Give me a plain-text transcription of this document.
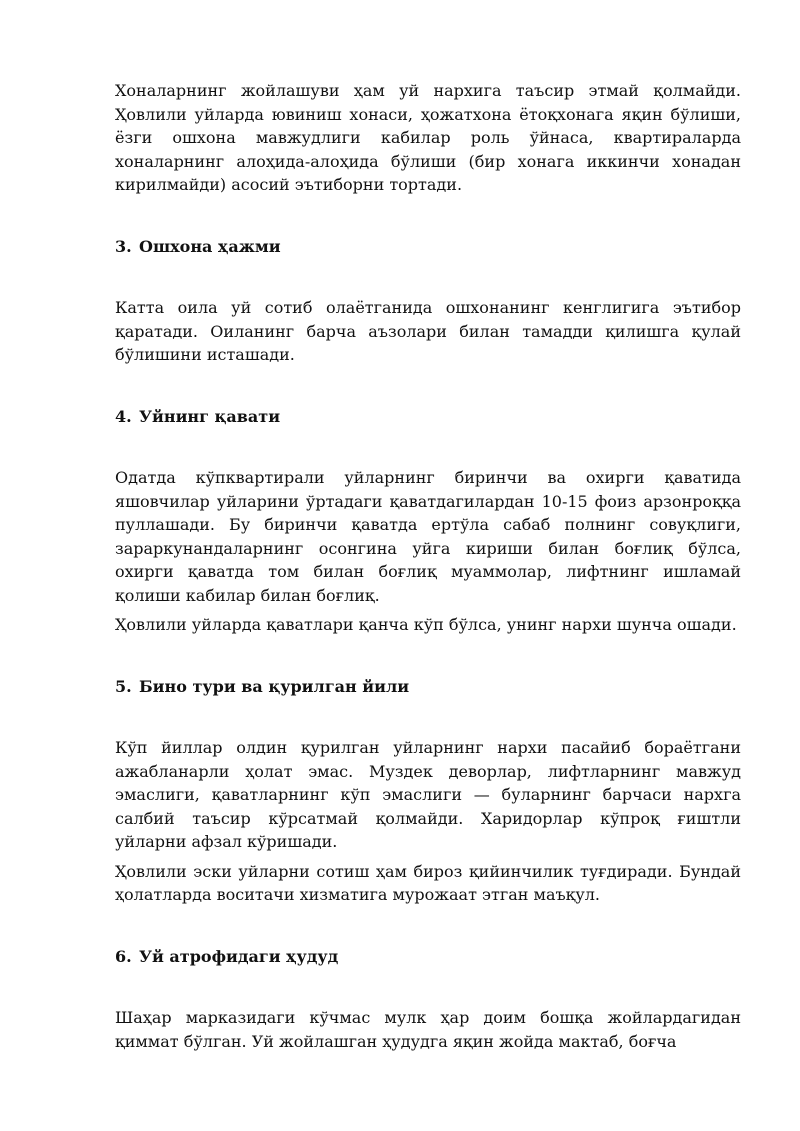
Хоналарнинг жойлашуви ҳам уй нархига таъсир этмай қолмайди. Ҳовлили уйларда ювиниш хонаси, ҳожатхона ётоқхонага яқин бўлиши, ёзги ошхона мавжудлиги кабилар роль ўйнаса, квартираларда хоналарнинг алоҳида-алоҳида бўлиши (бир хонага иккинчи хонадан кирилмайди) асосий эътиборни тортади.

3. Ошхона ҳажми

Катта оила уй сотиб олаётганида ошхонанинг кенглигига эътибор қаратади. Оиланинг барча аъзолари билан тамадди қилишга қулай бўлишини исташади.

4. Уйнинг қавати

Одатда кўпквартирали уйларнинг биринчи ва охирги қаватида яшовчилар уйларини ўртадаги қаватдагилардан 10-15 фоиз арзонроққа пуллашади. Бу биринчи қаватда ертўла сабаб полнинг совуқлиги, зараркунандаларнинг осонгина уйга кириши билан боғлиқ бўлса, охирги қаватда том билан боғлиқ муаммолар, лифтнинг ишламай қолиши кабилар билан боғлиқ.

Ҳовлили уйларда қаватлари қанча кўп бўлса, унинг нархи шунча ошади.

5. Бино тури ва қурилган йили

Кўп йиллар олдин қурилган уйларнинг нархи пасайиб бораётгани ажабланарли ҳолат эмас. Муздек деворлар, лифтларнинг мавжуд эмаслиги, қаватларнинг кўп эмаслиги — буларнинг барчаси нархга салбий таъсир кўрсатмай қолмайди. Харидорлар кўпроқ ғиштли уйларни афзал кўришади.

Ҳовлили эски уйларни сотиш ҳам бироз қийинчилик туғдиради. Бундай ҳолатларда воситачи хизматига мурожаат этган маъқул.

6. Уй атрофидаги ҳудуд

Шаҳар марказидаги кўчмас мулк ҳар доим бошқа жойлардагидан қиммат бўлган. Уй жойлашган ҳудудга яқин жойда мактаб, боғча
